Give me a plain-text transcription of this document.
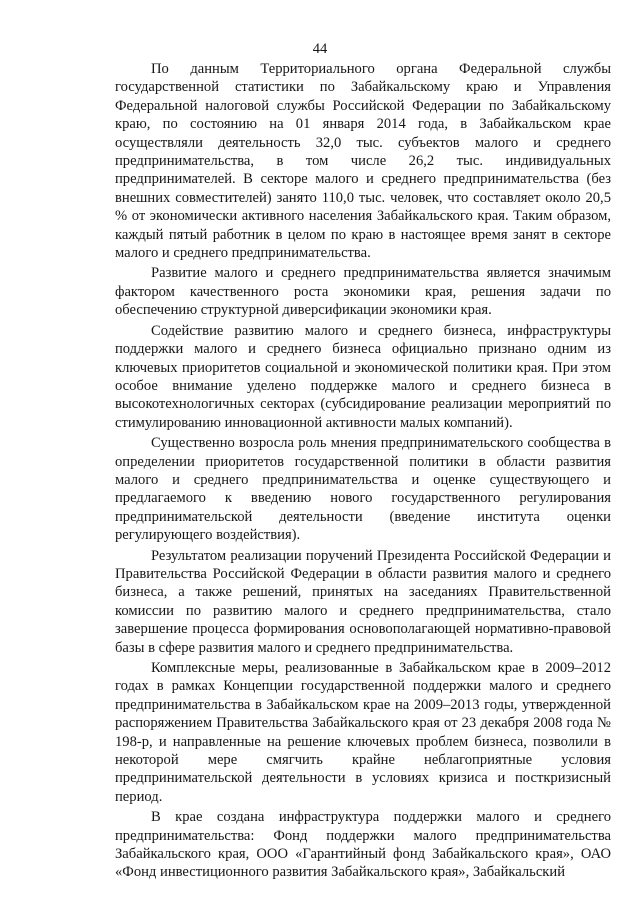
44

По данным Территориального органа Федеральной службы государственной статистики по Забайкальскому краю и Управления Федеральной налоговой службы Российской Федерации по Забайкальскому краю, по состоянию на 01 января 2014 года, в Забайкальском крае осуществляли деятельность 32,0 тыс. субъектов малого и среднего предпринимательства, в том числе 26,2 тыс. индивидуальных предпринимателей. В секторе малого и среднего предпринимательства (без внешних совместителей) занято 110,0 тыс. человек, что составляет около 20,5 % от экономически активного населения Забайкальского края. Таким образом, каждый пятый работник в целом по краю в настоящее время занят в секторе малого и среднего предпринимательства.

Развитие малого и среднего предпринимательства является значимым фактором качественного роста экономики края, решения задачи по обеспечению структурной диверсификации экономики края.

Содействие развитию малого и среднего бизнеса, инфраструктуры поддержки малого и среднего бизнеса официально признано одним из ключевых приоритетов социальной и экономической политики края. При этом особое внимание уделено поддержке малого и среднего бизнеса в высокотехнологичных секторах (субсидирование реализации мероприятий по стимулированию инновационной активности малых компаний).

Существенно возросла роль мнения предпринимательского сообщества в определении приоритетов государственной политики в области развития малого и среднего предпринимательства и оценке существующего и предлагаемого к введению нового государственного регулирования предпринимательской деятельности (введение института оценки регулирующего воздействия).

Результатом реализации поручений Президента Российской Федерации и Правительства Российской Федерации в области развития малого и среднего бизнеса, а также решений, принятых на заседаниях Правительственной комиссии по развитию малого и среднего предпринимательства, стало завершение процесса формирования основополагающей нормативно-правовой базы в сфере развития малого и среднего предпринимательства.

Комплексные меры, реализованные в Забайкальском крае в 2009–2012 годах в рамках Концепции государственной поддержки малого и среднего предпринимательства в Забайкальском крае на 2009–2013 годы, утвержденной распоряжением Правительства Забайкальского края от 23 декабря 2008 года № 198-р, и направленные на решение ключевых проблем бизнеса, позволили в некоторой мере смягчить крайне неблагоприятные условия предпринимательской деятельности в условиях кризиса и посткризисный период.

В крае создана инфраструктура поддержки малого и среднего предпринимательства: Фонд поддержки малого предпринимательства Забайкальского края, ООО «Гарантийный фонд Забайкальского края», ОАО «Фонд инвестиционного развития Забайкальского края», Забайкальский
